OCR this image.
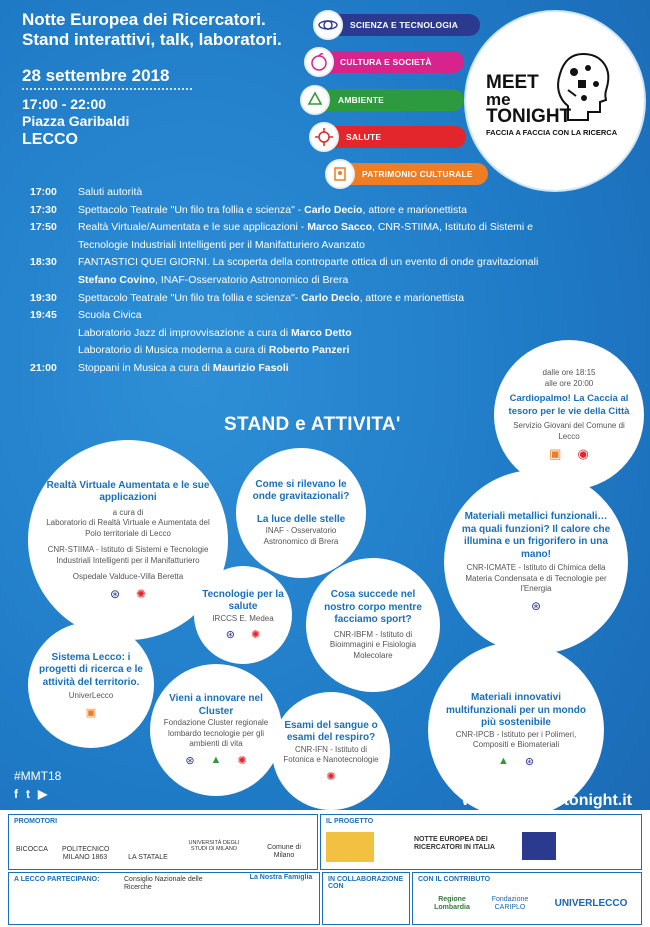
Notte Europea dei Ricercatori.
Stand interattivi, talk, laboratori.
28 settembre 2018
17:00 - 22:00
Piazza Garibaldi
LECCO
SCIENZA E TECNOLOGIA
CULTURA E SOCIETÀ
AMBIENTE
SALUTE
PATRIMONIO CULTURALE
MEET
me
TONIGHT
FACCIA A FACCIA CON LA RICERCA
17:00	Saluti autorità
17:30	Spettacolo Teatrale "Un filo tra follia e scienza" - Carlo Decio, attore e marionettista
17:50	Realtà Virtuale/Aumentata e le sue applicazioni - Marco Sacco, CNR-STIIMA, Istituto di Sistemi e
Tecnologie Industriali Intelligenti per il Manifatturiero Avanzato
18:30	FANTASTICI QUEI GIORNI. La scoperta della controparte ottica di un evento di onde gravitazionali
Stefano Covino, INAF-Osservatorio Astronomico di Brera
19:30	Spettacolo Teatrale "Un filo tra follia e scienza"- Carlo Decio, attore e marionettista
19:45	Scuola Civica
Laboratorio Jazz di improvvisazione a cura di Marco Detto
Laboratorio di Musica moderna a cura di Roberto Panzeri
21:00	Stoppani in Musica a cura di Maurizio Fasoli
STAND e ATTIVITA'
dalle ore 18:15
alle ore 20:00
Cardiopalmo! La Caccia al tesoro per le vie della Città
Servizio Giovani del Comune di Lecco
▣ ◉
Realtà Virtuale Aumentata e le sue applicazioni
a cura di
Laboratorio di Realtà Virtuale e Aumentata del Polo territoriale di Lecco
CNR-STIIMA - Istituto di Sistemi e Tecnologie Industriali Intelligenti per il Manifatturiero
Ospedale Valduce-Villa Beretta
⊛ ✺
Come si rilevano le onde gravitazionali?
La luce delle stelle
INAF - Osservatorio Astronomico di Brera
Materiali metallici funzionali… ma quali funzioni? Il calore che illumina e un frigorifero in una mano!
CNR-ICMATE - Istituto di Chimica della Materia Condensata e di Tecnologie per l'Energia
⊛
Tecnologie per la salute
IRCCS E. Medea
⊛ ✺
Cosa succede nel nostro corpo mentre facciamo sport?
CNR-IBFM - Istituto di Bioimmagini e Fisiologia Molecolare
Sistema Lecco: i progetti di ricerca e le attività del territorio.
UniverLecco
▣
Vieni a innovare nel Cluster
Fondazione Cluster regionale lombardo tecnologie per gli ambienti di vita
⊛ ▲ ✺
Esami del sangue o esami del respiro?
CNR-IFN - Istituto di Fotonica e Nanotecnologie
✺
Materiali innovativi multifunzionali per un mondo più sostenibile
CNR-IPCB - Istituto per i Polimeri, Compositi e Biomateriali
▲ ⊛
#MMT18
f t ▶	www.meetmetonight.it
PROMOTORI
BICOCCA POLITECNICO MILANO 1863	LA STATALE
UNIVERSITÀ DEGLI STUDI DI MILANO	Comune di Milano
IL PROGETTO
NOTTE EUROPEA DEI RICERCATORI IN ITALIA
A LECCO PARTECIPANO:	Consiglio Nazionale delle Ricerche
La Nostra Famiglia IN COLLABORAZIONE CON
CON IL CONTRIBUTO
Regione Lombardia
Fondazione CARIPLO	UNIVERLECCO
